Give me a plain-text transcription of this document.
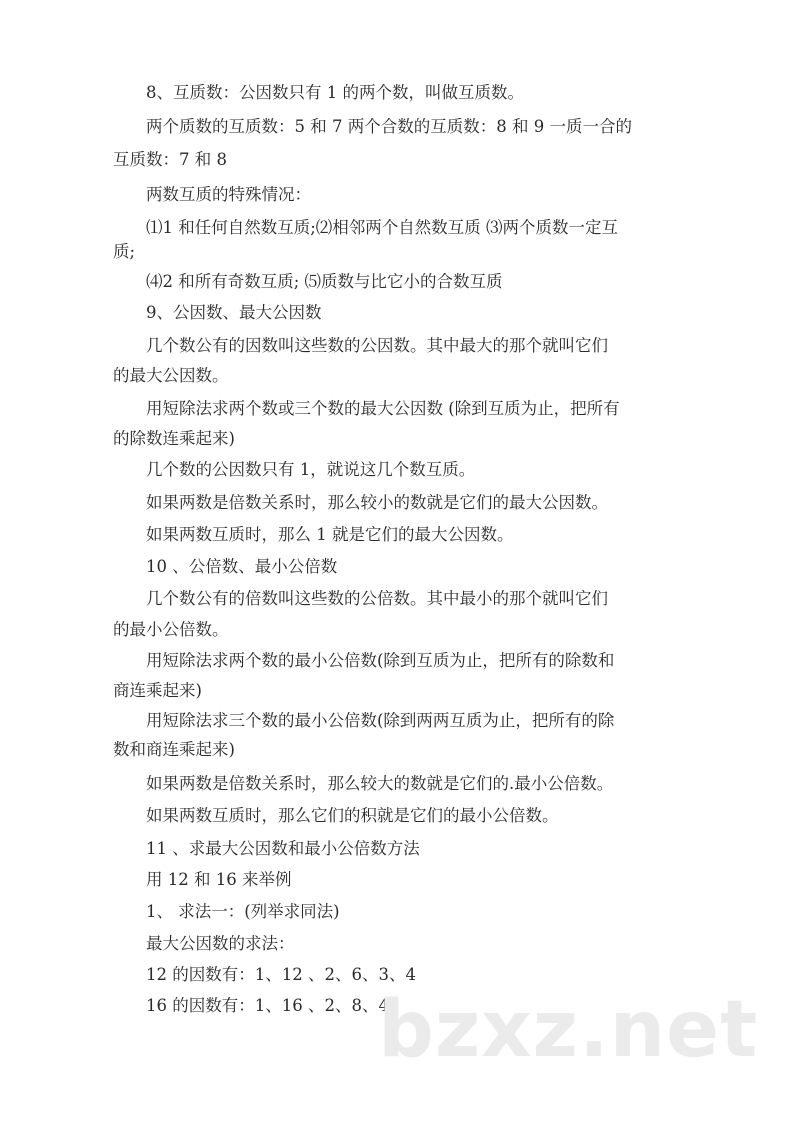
8、互质数：公因数只有 1 的两个数，叫做互质数。
两个质数的互质数：5 和 7 两个合数的互质数：8 和 9 一质一合的
互质数：7 和 8
两数互质的特殊情况：
⑴1 和任何自然数互质;⑵相邻两个自然数互质 ⑶两个质数一定互
质;
⑷2 和所有奇数互质; ⑸质数与比它小的合数互质
9、公因数、最大公因数
几个数公有的因数叫这些数的公因数。其中最大的那个就叫它们
的最大公因数。
用短除法求两个数或三个数的最大公因数 (除到互质为止，把所有
的除数连乘起来)
几个数的公因数只有 1，就说这几个数互质。
如果两数是倍数关系时，那么较小的数就是它们的最大公因数。
如果两数互质时，那么 1 就是它们的最大公因数。
10 、公倍数、最小公倍数
几个数公有的倍数叫这些数的公倍数。其中最小的那个就叫它们
的最小公倍数。
用短除法求两个数的最小公倍数(除到互质为止，把所有的除数和
商连乘起来)
用短除法求三个数的最小公倍数(除到两两互质为止，把所有的除
数和商连乘起来)
如果两数是倍数关系时，那么较大的数就是它们的.最小公倍数。
如果两数互质时，那么它们的积就是它们的最小公倍数。
11 、求最大公因数和最小公倍数方法
用 12 和 16 来举例
1、 求法一：(列举求同法)
最大公因数的求法：
12 的因数有：1、12 、2、6、3、4
16 的因数有：1、16 、2、8、4
bzxz.net
